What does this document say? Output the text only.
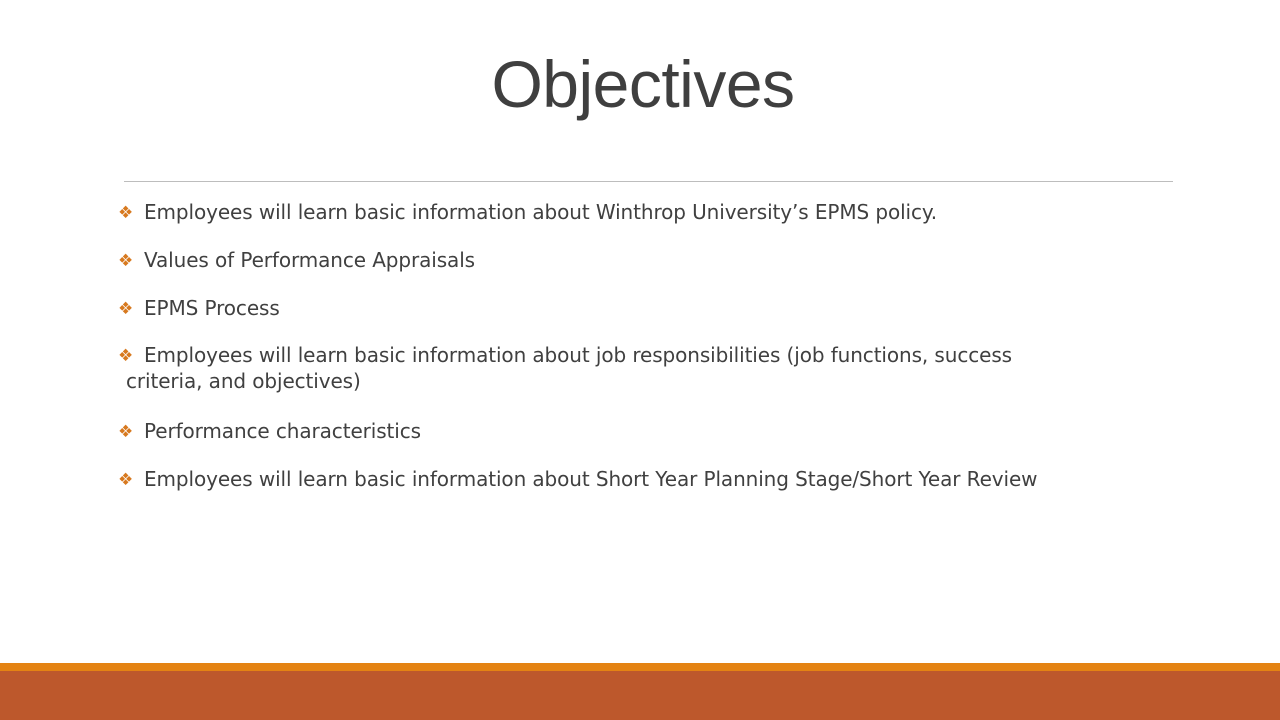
Objectives
❖ Employees will learn basic information about Winthrop University’s EPMS policy.
❖ Values of Performance Appraisals
❖ EPMS Process
❖ Employees will learn basic information about job responsibilities (job functions, success
criteria, and objectives)
❖ Performance characteristics
❖ Employees will learn basic information about Short Year Planning Stage/Short Year Review
